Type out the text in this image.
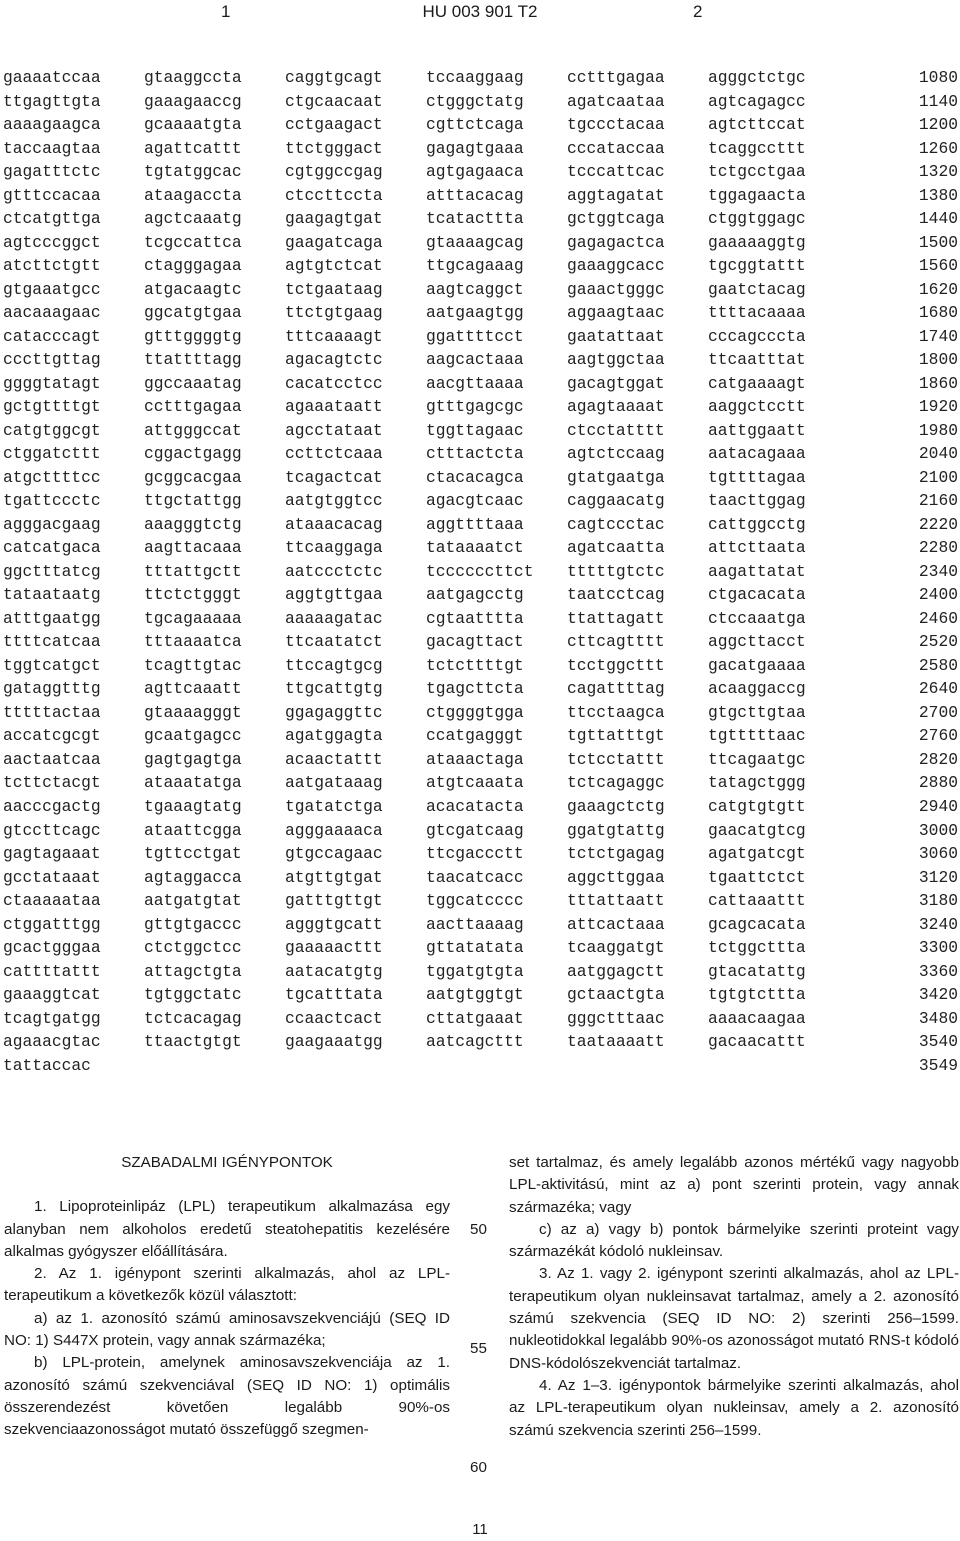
1	HU 003 901 T2	2
gaaaatccaa	gtaaggccta	caggtgcagt	tccaaggaag	cctttgagaa	agggctctgc	1080
ttgagttgta	gaaagaaccg	ctgcaacaat	ctgggctatg	agatcaataa	agtcagagcc	1140
aaaagaagca	gcaaaatgta	cctgaagact	cgttctcaga	tgccctacaa	agtcttccat	1200
taccaagtaa	agattcattt	ttctgggact	gagagtgaaa	cccataccaa	tcaggccttt	1260
gagatttctc	tgtatggcac	cgtggccgag	agtgagaaca	tcccattcac	tctgcctgaa	1320
gtttccacaa	ataagaccta	ctccttccta	atttacacag	aggtagatat	tggagaacta	1380
ctcatgttga	agctcaaatg	gaagagtgat	tcatacttta	gctggtcaga	ctggtggagc	1440
agtcccggct	tcgccattca	gaagatcaga	gtaaaagcag	gagagactca	gaaaaaggtg	1500
atcttctgtt	ctagggagaa	agtgtctcat	ttgcagaaag	gaaaggcacc	tgcggtattt	1560
gtgaaatgcc	atgacaagtc	tctgaataag	aagtcaggct	gaaactgggc	gaatctacag	1620
aacaaagaac	ggcatgtgaa	ttctgtgaag	aatgaagtgg	aggaagtaac	ttttacaaaa	1680
catacccagt	gtttggggtg	tttcaaaagt	ggattttcct	gaatattaat	cccagcccta	1740
cccttgttag	ttattttagg	agacagtctc	aagcactaaa	aagtggctaa	ttcaatttat	1800
ggggtatagt	ggccaaatag	cacatcctcc	aacgttaaaa	gacagtggat	catgaaaagt	1860
gctgttttgt	cctttgagaa	agaaataatt	gtttgagcgc	agagtaaaat	aaggctcctt	1920
catgtggcgt	attgggccat	agcctataat	tggttagaac	ctcctatttt	aattggaatt	1980
ctggatcttt	cggactgagg	ccttctcaaa	ctttactcta	agtctccaag	aatacagaaa	2040
atgcttttcc	gcggcacgaa	tcagactcat	ctacacagca	gtatgaatga	tgttttagaa	2100
tgattccctc	ttgctattgg	aatgtggtcc	agacgtcaac	caggaacatg	taacttggag	2160
agggacgaag	aaagggtctg	ataaacacag	aggttttaaa	cagtccctac	cattggcctg	2220
catcatgaca	aagttacaaa	ttcaaggaga	tataaaatct	agatcaatta	attcttaata	2280
ggctttatcg	tttattgctt	aatccctctc	tccccccttct tttttgtctc	aagattatat	2340
tataataatg	ttctctgggt	aggtgttgaa	aatgagcctg	taatcctcag	ctgacacata	2400
atttgaatgg	tgcagaaaaa	aaaaagatac	cgtaatttta	ttattagatt	ctccaaatga	2460
ttttcatcaa	tttaaaatca	ttcaatatct	gacagttact	cttcagtttt	aggcttacct	2520
tggtcatgct	tcagttgtac	ttccagtgcg	tctcttttgt	tcctggcttt	gacatgaaaa	2580
gataggtttg	agttcaaatt	ttgcattgtg	tgagcttcta	cagattttag	acaaggaccg	2640
tttttactaa	gtaaaagggt	ggagaggttc	ctggggtgga	ttcctaagca	gtgcttgtaa	2700
accatcgcgt	gcaatgagcc	agatggagta	ccatgagggt	tgttatttgt	tgtttttaac	2760
aactaatcaa	gagtgagtga	acaactattt	ataaactaga	tctcctattt	ttcagaatgc	2820
tcttctacgt	ataaatatga	aatgataaag	atgtcaaata	tctcagaggc	tatagctggg	2880
aacccgactg	tgaaagtatg	tgatatctga	acacatacta	gaaagctctg	catgtgtgtt	2940
gtccttcagc	ataattcgga	agggaaaaca	gtcgatcaag	ggatgtattg	gaacatgtcg	3000
gagtagaaat	tgttcctgat	gtgccagaac	ttcgaccctt	tctctgagag	agatgatcgt	3060
gcctataaat	agtaggacca	atgttgtgat	taacatcacc	aggcttggaa	tgaattctct	3120
ctaaaaataa	aatgatgtat	gatttgttgt	tggcatcccc	tttattaatt	cattaaattt	3180
ctggatttgg	gttgtgaccc	agggtgcatt	aacttaaaag	attcactaaa	gcagcacata	3240
gcactgggaa	ctctggctcc	gaaaaacttt	gttatatata	tcaaggatgt	tctggcttta	3300
cattttattt	attagctgta	aatacatgtg	tggatgtgta	aatggagctt	gtacatattg	3360
gaaaggtcat	tgtggctatc	tgcatttata	aatgtggtgt	gctaactgta	tgtgtcttta	3420
tcagtgatgg	tctcacagag	ccaactcact	cttatgaaat	gggctttaac	aaaacaagaa	3480
agaaacgtac	ttaactgtgt	gaagaaatgg	aatcagcttt	taataaaatt	gacaacattt	3540
tattaccac	3549

SZABADALMI IGÉNYPONTOK

1. Lipoproteinlipáz (LPL) terapeutikum alkalmazása egy alanyban nem alkoholos eredetű steatohepatitis kezelésére alkalmas gyógyszer előállítására.

2. Az 1. igénypont szerinti alkalmazás, ahol az LPL-terapeutikum a következők közül választott:

a) az 1. azonosító számú aminosavszekvenciájú (SEQ ID NO: 1) S447X protein, vagy annak származéka;

b) LPL-protein, amelynek aminosavszekvenciája az 1. azonosító számú szekvenciával (SEQ ID NO: 1) optimális összerendezést követően legalább 90%-os szekvenciaazonosságot mutató összefüggő szegmen-

set tartalmaz, és amely legalább azonos mértékű vagy nagyobb LPL-aktivitású, mint az a) pont szerinti protein, vagy annak származéka; vagy

c) az a) vagy b) pontok bármelyike szerinti proteint vagy származékát kódoló nukleinsav.

3. Az 1. vagy 2. igénypont szerinti alkalmazás, ahol az LPL-terapeutikum olyan nukleinsavat tartalmaz, amely a 2. azonosító számú szekvencia (SEQ ID NO: 2) szerinti 256–1599. nukleotidokkal legalább 90%-os azonosságot mutató RNS-t kódoló DNS-kódolószekvenciát tartalmaz.

4. Az 1–3. igénypontok bármelyike szerinti alkalmazás, ahol az LPL-terapeutikum olyan nukleinsav, amely a 2. azonosító számú szekvencia szerinti 256–1599.

50
55
60
11
